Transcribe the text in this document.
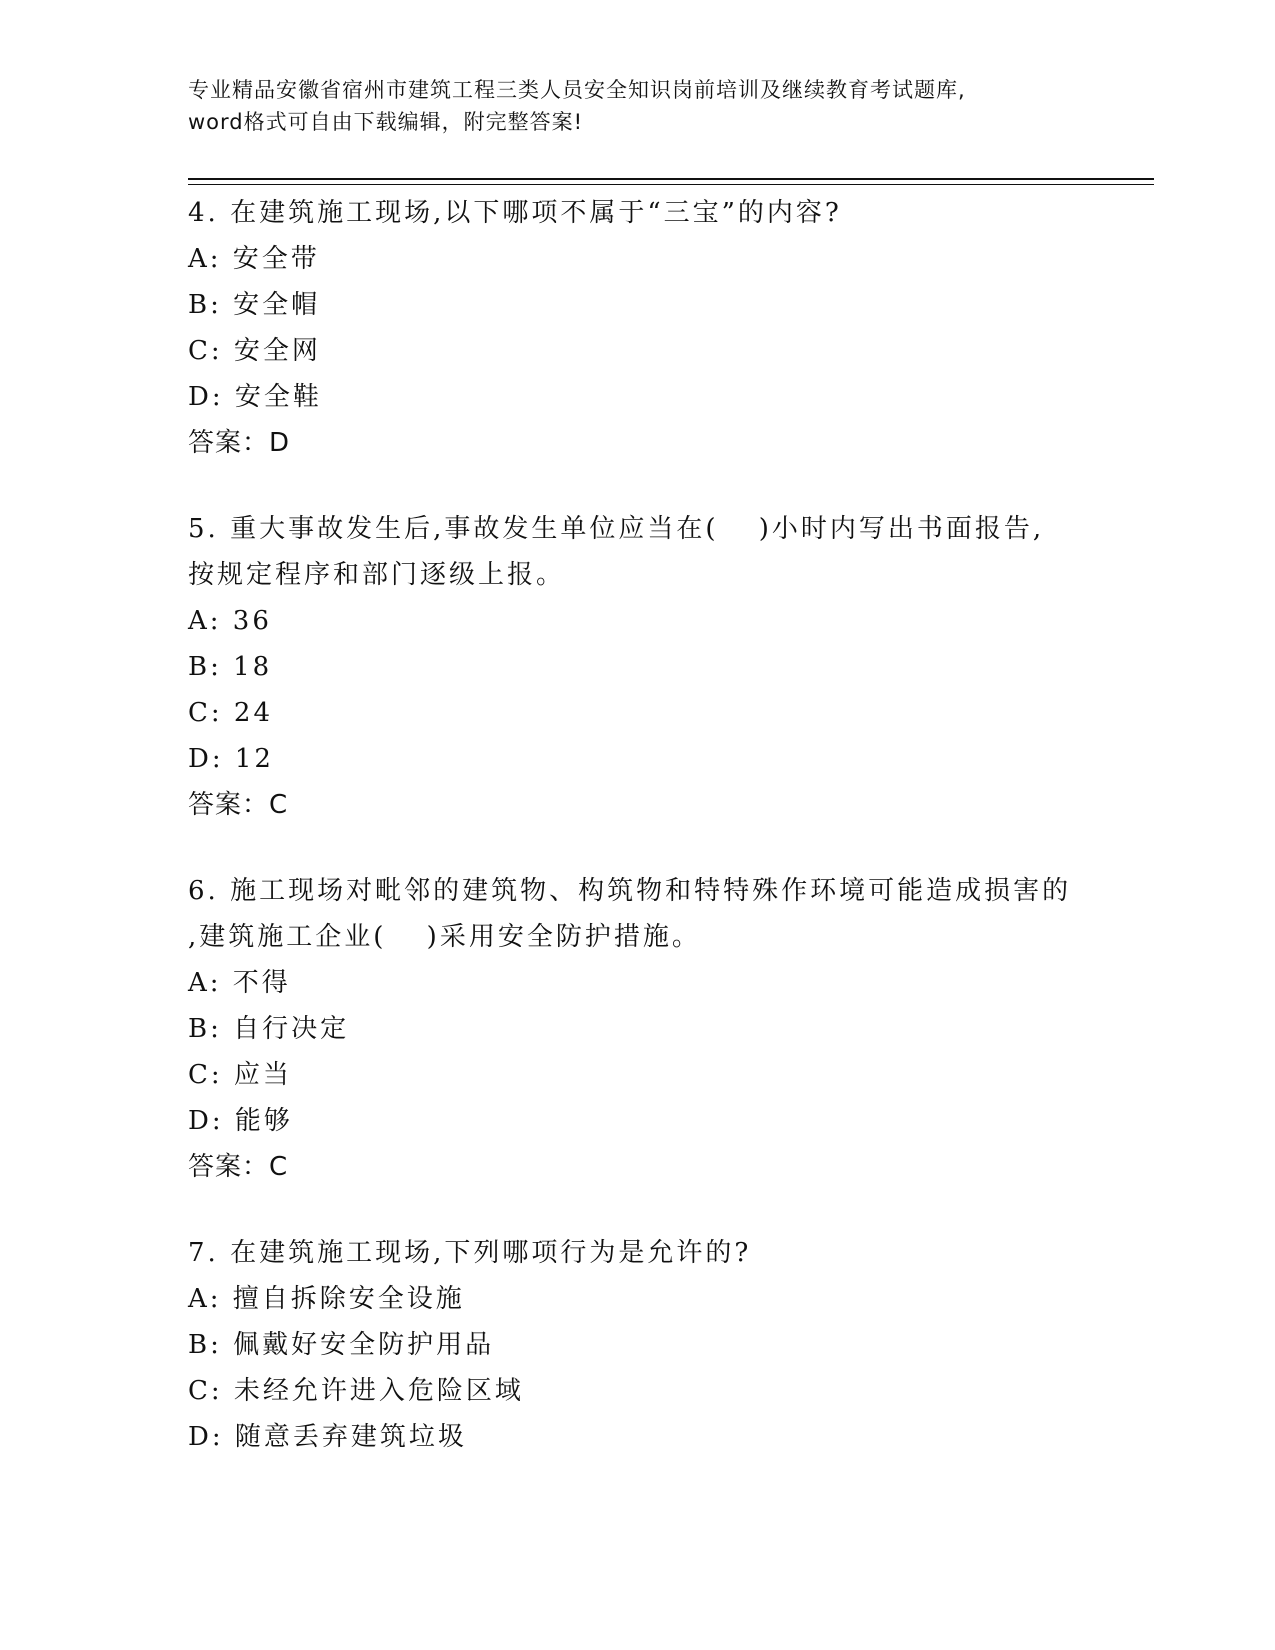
专业精品安徽省宿州市建筑工程三类人员安全知识岗前培训及继续教育考试题库,
word格式可自由下载编辑，附完整答案!
4. 在建筑施工现场,以下哪项不属于“三宝”的内容?
A: 安全带
B: 安全帽
C: 安全网
D: 安全鞋
答案：D
5. 重大事故发生后,事故发生单位应当在(　 )小时内写出书面报告,
按规定程序和部门逐级上报。
A: 36
B: 18
C: 24
D: 12
答案：C
6. 施工现场对毗邻的建筑物、构筑物和特特殊作环境可能造成损害的
,建筑施工企业(　 )采用安全防护措施。
A: 不得
B: 自行决定
C: 应当
D: 能够
答案：C
7. 在建筑施工现场,下列哪项行为是允许的?
A: 擅自拆除安全设施
B: 佩戴好安全防护用品
C: 未经允许进入危险区域
D: 随意丢弃建筑垃圾
